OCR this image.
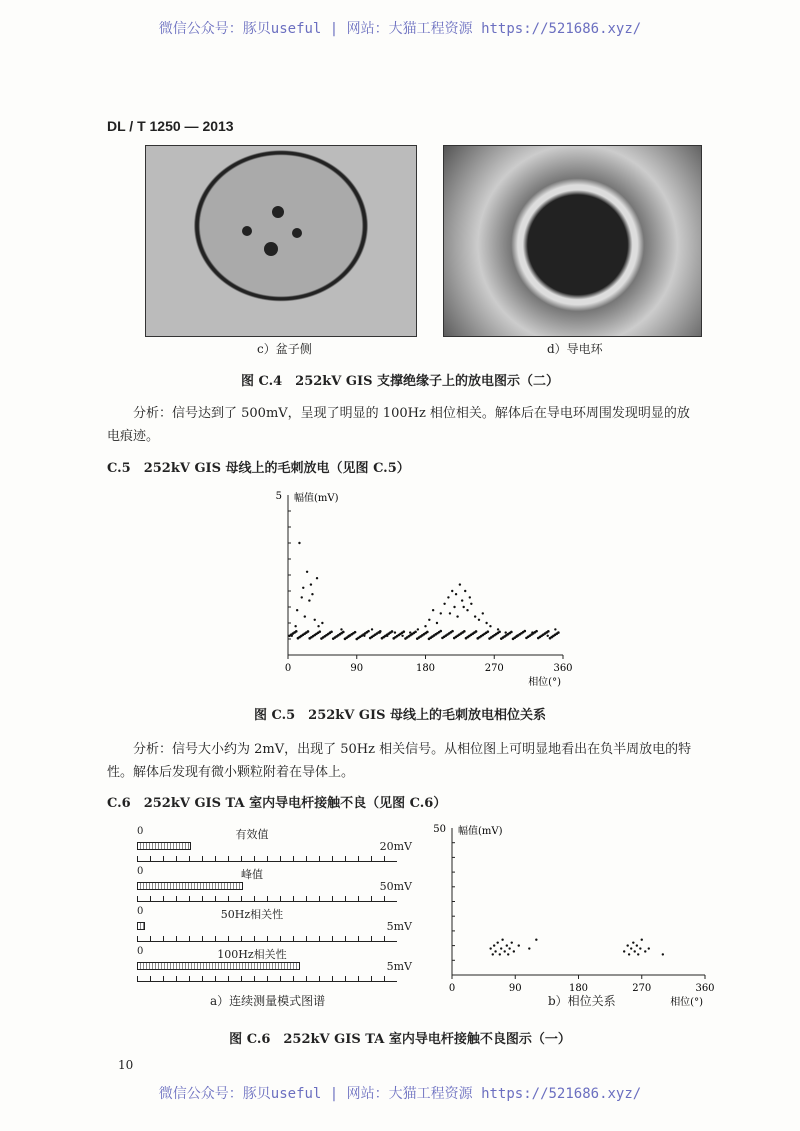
微信公众号：豚贝useful | 网站：大猫工程资源 https://521686.xyz/
DL / T 1250 — 2013
c）盆子侧	d）导电环
图 C.4　252kV GIS 支撑绝缘子上的放电图示（二）
分析：信号达到了 500mV，呈现了明显的 100Hz 相位相关。解体后在导电环周围发现明显的放电痕迹。
C.5　252kV GIS 母线上的毛刺放电（见图 C.5）
0	90	180	270	360
5 幅值(mV)
相位(°)
图 C.5　252kV GIS 母线上的毛刺放电相位关系
分析：信号大小约为 2mV，出现了 50Hz 相关信号。从相位图上可明显地看出在负半周放电的特性。解体后发现有微小颗粒附着在导体上。
C.6　252kV GIS TA 室内导电杆接触不良（见图 C.6）
0	有效值
20mV
0	峰值
50mV
0	50Hz相关性
5mV
0	100Hz相关性
5mV
a）连续测量模式图谱
0	90	180	270	360
50 幅值(mV)
相位(°)
b）相位关系
图 C.6　252kV GIS TA 室内导电杆接触不良图示（一）
10
微信公众号：豚贝useful | 网站：大猫工程资源 https://521686.xyz/
